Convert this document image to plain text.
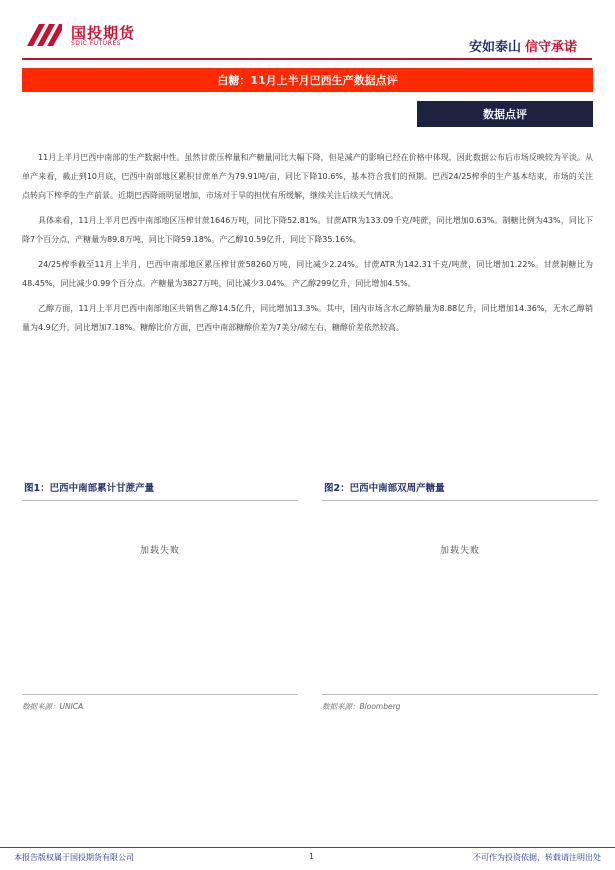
国投期货
SDIC FUTURES	安如泰山 信守承诺
白糖：11月上半月巴西生产数据点评
数据点评

11月上半月巴西中南部的生产数据中性。虽然甘蔗压榨量和产糖量同比大幅下降，但是减产的影响已经在价格中体现，因此数据公布后市场反映较为平淡。从单产来看，截止到10月底，巴西中南部地区累积甘蔗单产为79.91吨/亩，同比下降10.6%，基本符合我们的预期。巴西24/25榨季的生产基本结束，市场的关注点转向下榨季的生产前景。近期巴西降雨明显增加，市场对于旱的担忧有所缓解，继续关注后续天气情况。

具体来看，11月上半月巴西中南部地区压榨甘蔗1646万吨，同比下降52.81%。甘蔗ATR为133.09千克/吨蔗，同比增加0.63%。制糖比例为43%，同比下降7个百分点，产糖量为89.8万吨，同比下降59.18%。产乙醇10.59亿升，同比下降35.16%。

24/25榨季截至11月上半月，巴西中南部地区累压榨甘蔗58260万吨，同比减少2.24%。甘蔗ATR为142.31千克/吨蔗，同比增加1.22%。甘蔗制糖比为48.45%，同比减少0.99个百分点。产糖量为3827万吨，同比减少3.04%。产乙醇299亿升，同比增加4.5%。

乙醇方面，11月上半月巴西中南部地区共销售乙醇14.5亿升，同比增加13.3%。其中，国内市场含水乙醇销量为8.88亿升，同比增加14.36%，无水乙醇销量为4.9亿升，同比增加7.18%。糖醇比价方面，巴西中南部糖醇价差为7美分/磅左右，糖醇价差依然较高。

图1：巴西中南部累计甘蔗产量
加载失败
数据来源：UNICA
图2：巴西中南部双周产糖量
加载失败
数据来源：Bloomberg
本报告版权属于国投期货有限公司	1	不可作为投资依据，转载请注明出处
